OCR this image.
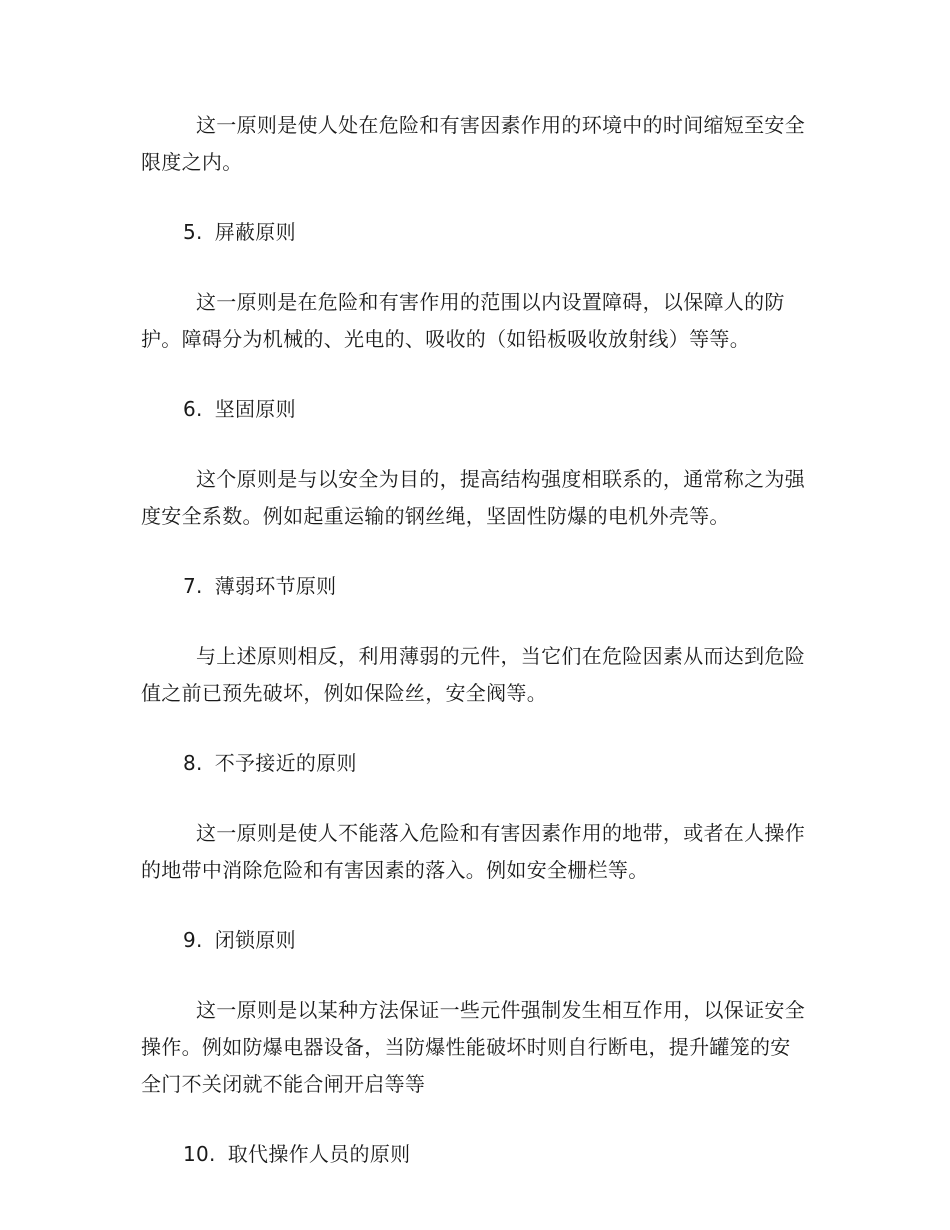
这一原则是使人处在危险和有害因素作用的环境中的时间缩短至安全限度之内。

5. 屏蔽原则

这一原则是在危险和有害作用的范围以内设置障碍，以保障人的防护。障碍分为机械的、光电的、吸收的（如铅板吸收放射线）等等。

6. 坚固原则

这个原则是与以安全为目的，提高结构强度相联系的，通常称之为强度安全系数。例如起重运输的钢丝绳，坚固性防爆的电机外壳等。

7. 薄弱环节原则

与上述原则相反，利用薄弱的元件，当它们在危险因素从而达到危险值之前已预先破坏，例如保险丝，安全阀等。

8. 不予接近的原则

这一原则是使人不能落入危险和有害因素作用的地带，或者在人操作的地带中消除危险和有害因素的落入。例如安全栅栏等。

9. 闭锁原则

这一原则是以某种方法保证一些元件强制发生相互作用，以保证安全操作。例如防爆电器设备，当防爆性能破坏时则自行断电，提升罐笼的安全门不关闭就不能合闸开启等等

10. 取代操作人员的原则
